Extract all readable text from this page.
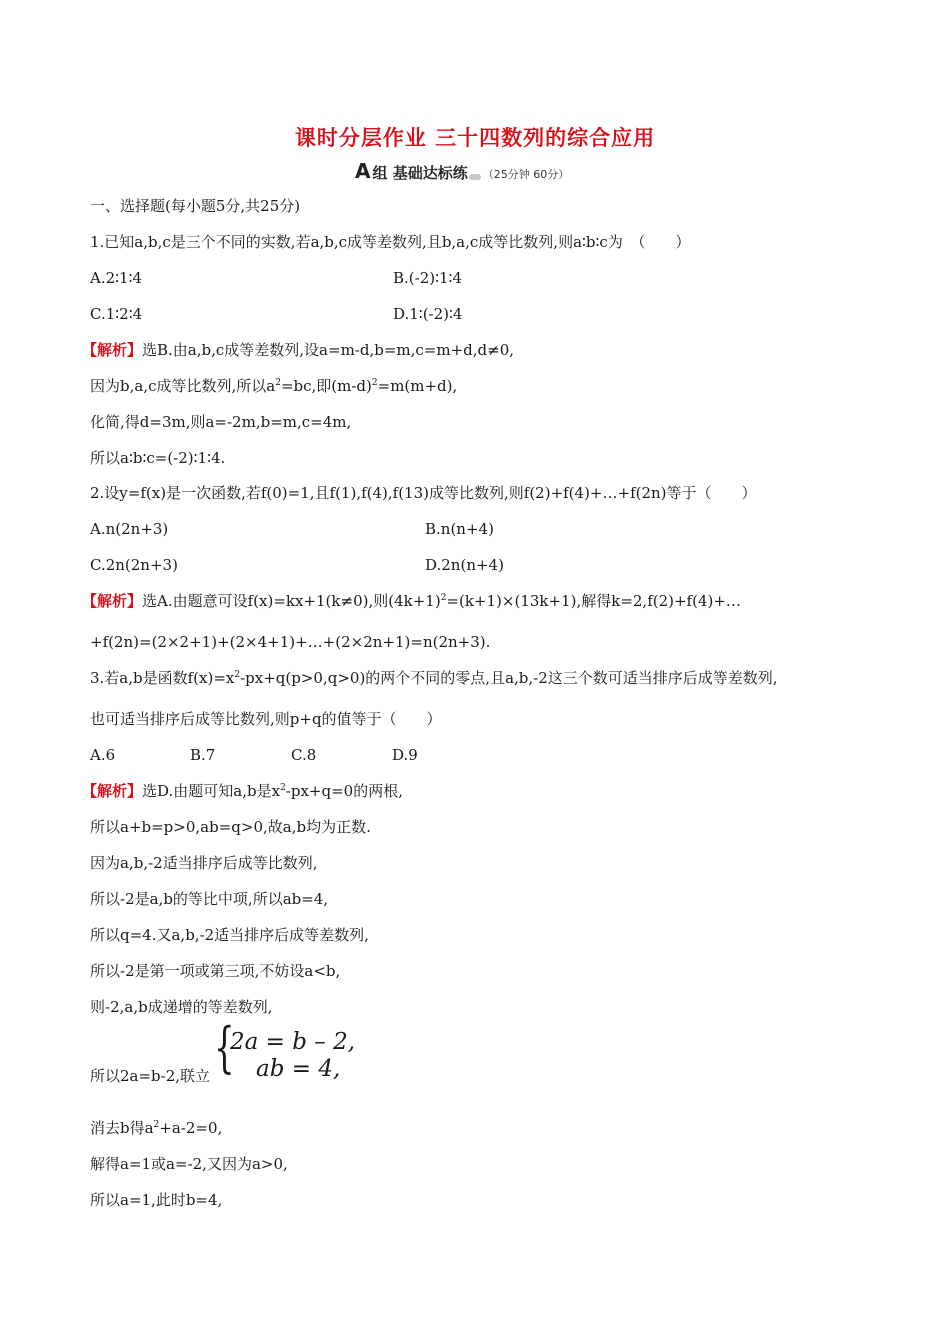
课时分层作业 三十四数列的综合应用
A 组 基础达标练 （25分钟 60分）
一、选择题(每小题5分,共25分)
1.已知a,b,c是三个不同的实数,若a,b,c成等差数列,且b,a,c成等比数列,则a∶b∶c为　（　　）
A.2∶1∶4	B.(-2)∶1∶4
C.1∶2∶4	D.1∶(-2)∶4
【解析】选B.由a,b,c成等差数列,设a=m-d,b=m,c=m+d,d≠0,
因为b,a,c成等比数列,所以$a^2=bc$,即$(m-d)^2=m(m+d)$,
化简,得d=3m,则a=-2m,b=m,c=4m,
所以a∶b∶c=(-2)∶1∶4.
2.设y=f(x)是一次函数,若f(0)=1,且f(1),f(4),f(13)成等比数列,则f(2)+f(4)+…+f(2n)等于（　　）
A.n(2n+3)	B.n(n+4)
C.2n(2n+3)	D.2n(n+4)
【解析】选A.由题意可设f(x)=kx+1(k≠0),则$(4k+1)^2=(k+1)\times(13k+1)$,解得k=2,f(2)+f(4)+…
+f(2n)=(2×2+1)+(2×4+1)+…+(2×2n+1)=n(2n+3).
3.若a,b是函数$f(x)=x^2-px+q(p>0,q>0)$的两个不同的零点,且a,b,-2这三个数可适当排序后成等差数列,
也可适当排序后成等比数列,则p+q的值等于（　　）
A.6	B.7	C.8	D.9
【解析】选D.由题可知a,b是$x^2-px+q=0$的两根,
所以a+b=p>0,ab=q>0,故a,b均为正数.
因为a,b,-2适当排序后成等比数列,
所以-2是a,b的等比中项,所以ab=4,
所以q=4.又a,b,-2适当排序后成等差数列,
所以-2是第一项或第三项,不妨设a<b,
则-2,a,b成递增的等差数列,
所以2a=b-2,联立 {
2a = b – 2,
ab = 4,
消去b得$a^2+a-2=0$,
解得a=1或a=-2,又因为a>0,
所以a=1,此时b=4,
